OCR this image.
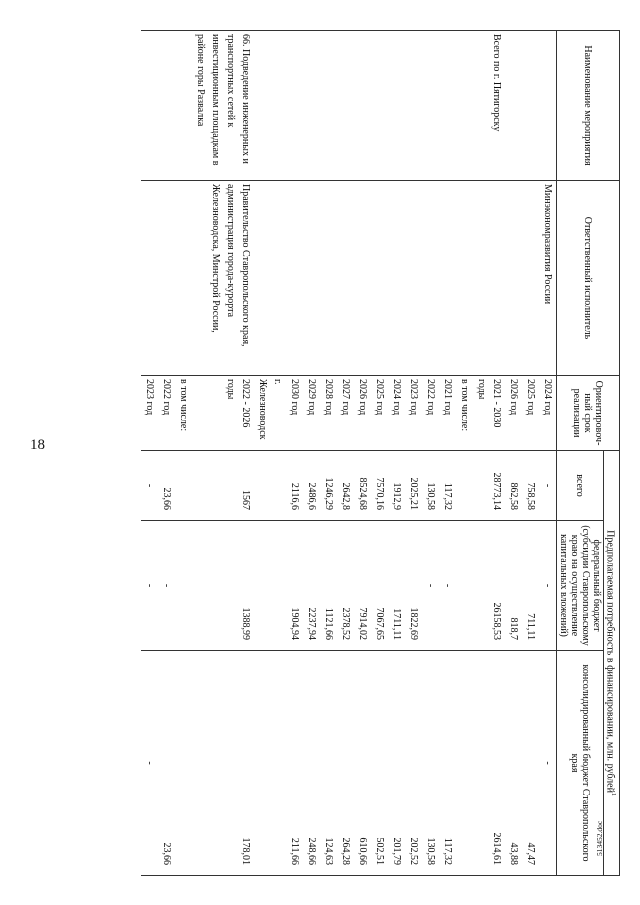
18
513452.doc
Наименование мероприятия	Ответственный исполнитель	Ориентировоч-ный срок реализации	Предполагаемая потребность в финансировании, млн. рублей$^1$
			всего	федеральный бюджет (субсидии Ставропольскому краю на осуществление капитальных вложений)	консолидированный бюджет Ставропольского края
	Минэкономразвития России	2024 год	-	-	-
		2025 год	758,58	711,11	47,47
		2026 год	862,58	818,7	43,88
Всего по г. Пятигорску		2021 - 2030 годы	28773,14	26158,53	2614,61
		в том числе:			
		2021 год	117,32	-	117,32
		2022 год	130,58	-	130,58
		2023 год	2025,21	1822,69	202,52
		2024 год	1912,9	1711,11	201,79
		2025 год	7570,16	7067,65	502,51
		2026 год	8524,68	7914,02	610,66
		2027 год	2642,8	2378,52	264,28
		2028 год	1246,29	1121,66	124,63
		2029 год	2486,6	2237,94	248,66
		2030 год	2116,6	1904,94	211,66
		г. Железноводск			
66. Подведение инженерных и транспортных сетей к инвестиционным площадкам в районе горы Развалка	Правительство Ставропольского края, администрация города-курорта Железноводска, Минстрой России,	2022 - 2026 годы	1567	1388,99	178,01
		в том числе:			
		2022 год	23,66	-	23,66
		2023 год	-	-	-
